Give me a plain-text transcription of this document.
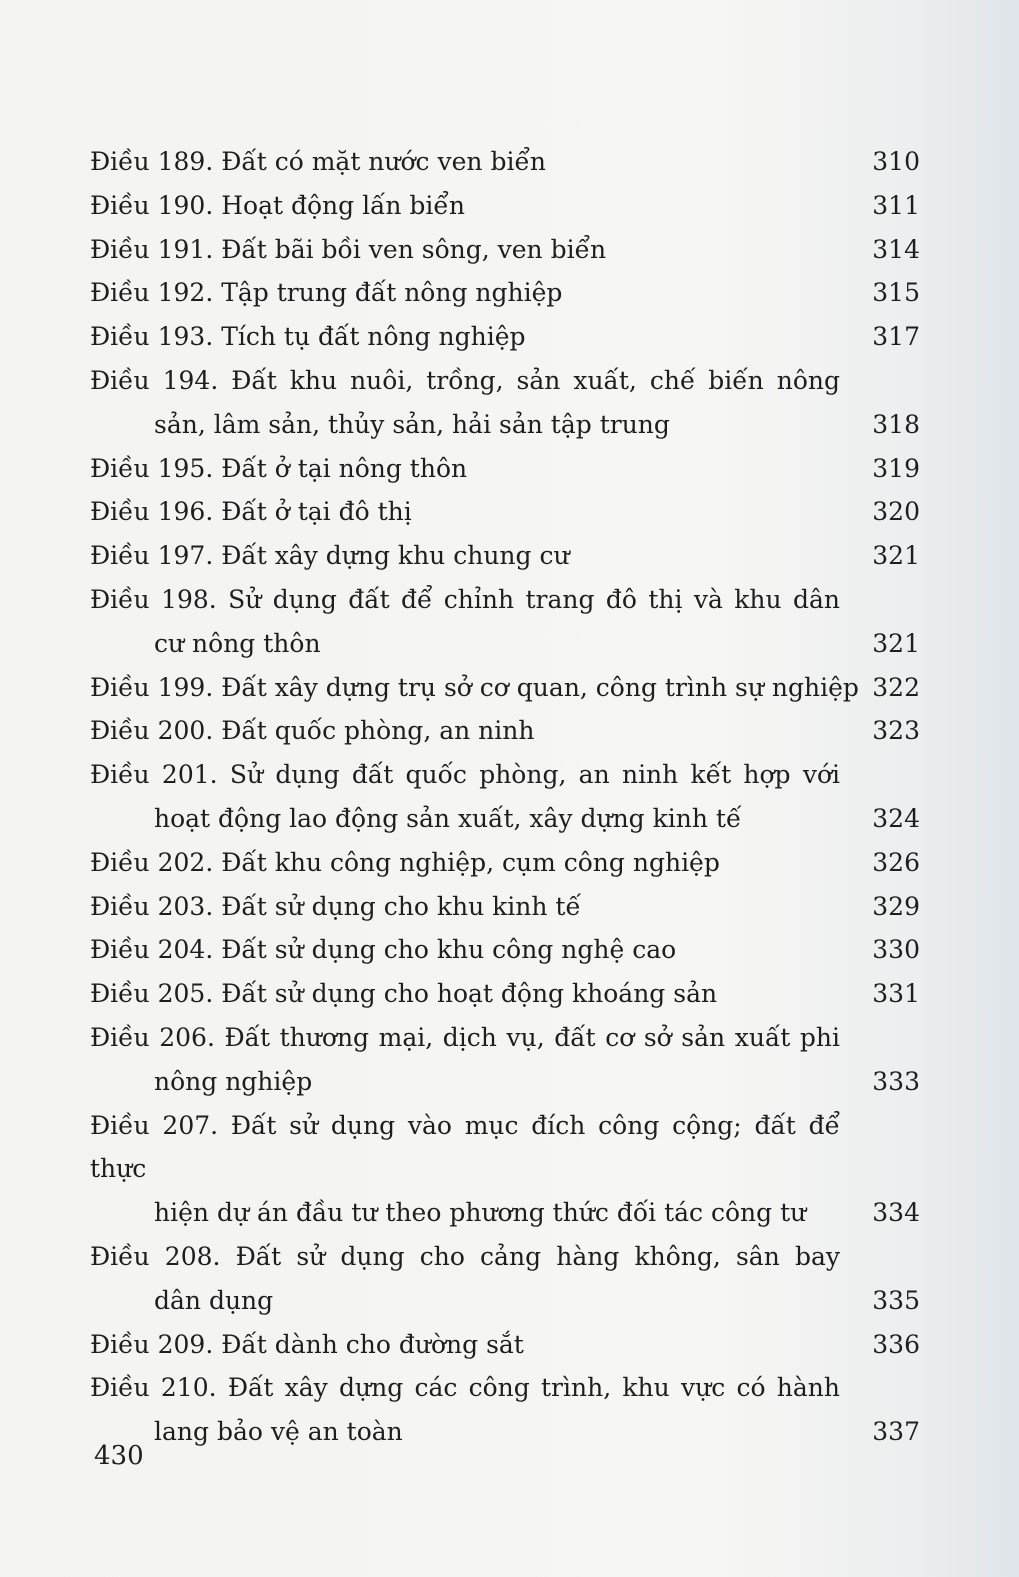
Điều 189. Đất có mặt nước ven biển	310
Điều 190. Hoạt động lấn biển	311
Điều 191. Đất bãi bồi ven sông, ven biển	314
Điều 192. Tập trung đất nông nghiệp	315
Điều 193. Tích tụ đất nông nghiệp	317
Điều 194. Đất khu nuôi, trồng, sản xuất, chế biến nông
sản, lâm sản, thủy sản, hải sản tập trung	318
Điều 195. Đất ở tại nông thôn	319
Điều 196. Đất ở tại đô thị	320
Điều 197. Đất xây dựng khu chung cư	321
Điều 198. Sử dụng đất để chỉnh trang đô thị và khu dân
cư nông thôn	321
Điều 199. Đất xây dựng trụ sở cơ quan, công trình sự nghiệp 322
Điều 200. Đất quốc phòng, an ninh	323
Điều 201. Sử dụng đất quốc phòng, an ninh kết hợp với
hoạt động lao động sản xuất, xây dựng kinh tế	324
Điều 202. Đất khu công nghiệp, cụm công nghiệp	326
Điều 203. Đất sử dụng cho khu kinh tế	329
Điều 204. Đất sử dụng cho khu công nghệ cao	330
Điều 205. Đất sử dụng cho hoạt động khoáng sản	331
Điều 206. Đất thương mại, dịch vụ, đất cơ sở sản xuất phi
nông nghiệp	333
Điều 207. Đất sử dụng vào mục đích công cộng; đất để thực
hiện dự án đầu tư theo phương thức đối tác công tư	334
Điều 208. Đất sử dụng cho cảng hàng không, sân bay
dân dụng	335
Điều 209. Đất dành cho đường sắt	336
Điều 210. Đất xây dựng các công trình, khu vực có hành
lang bảo vệ an toàn	337
430
